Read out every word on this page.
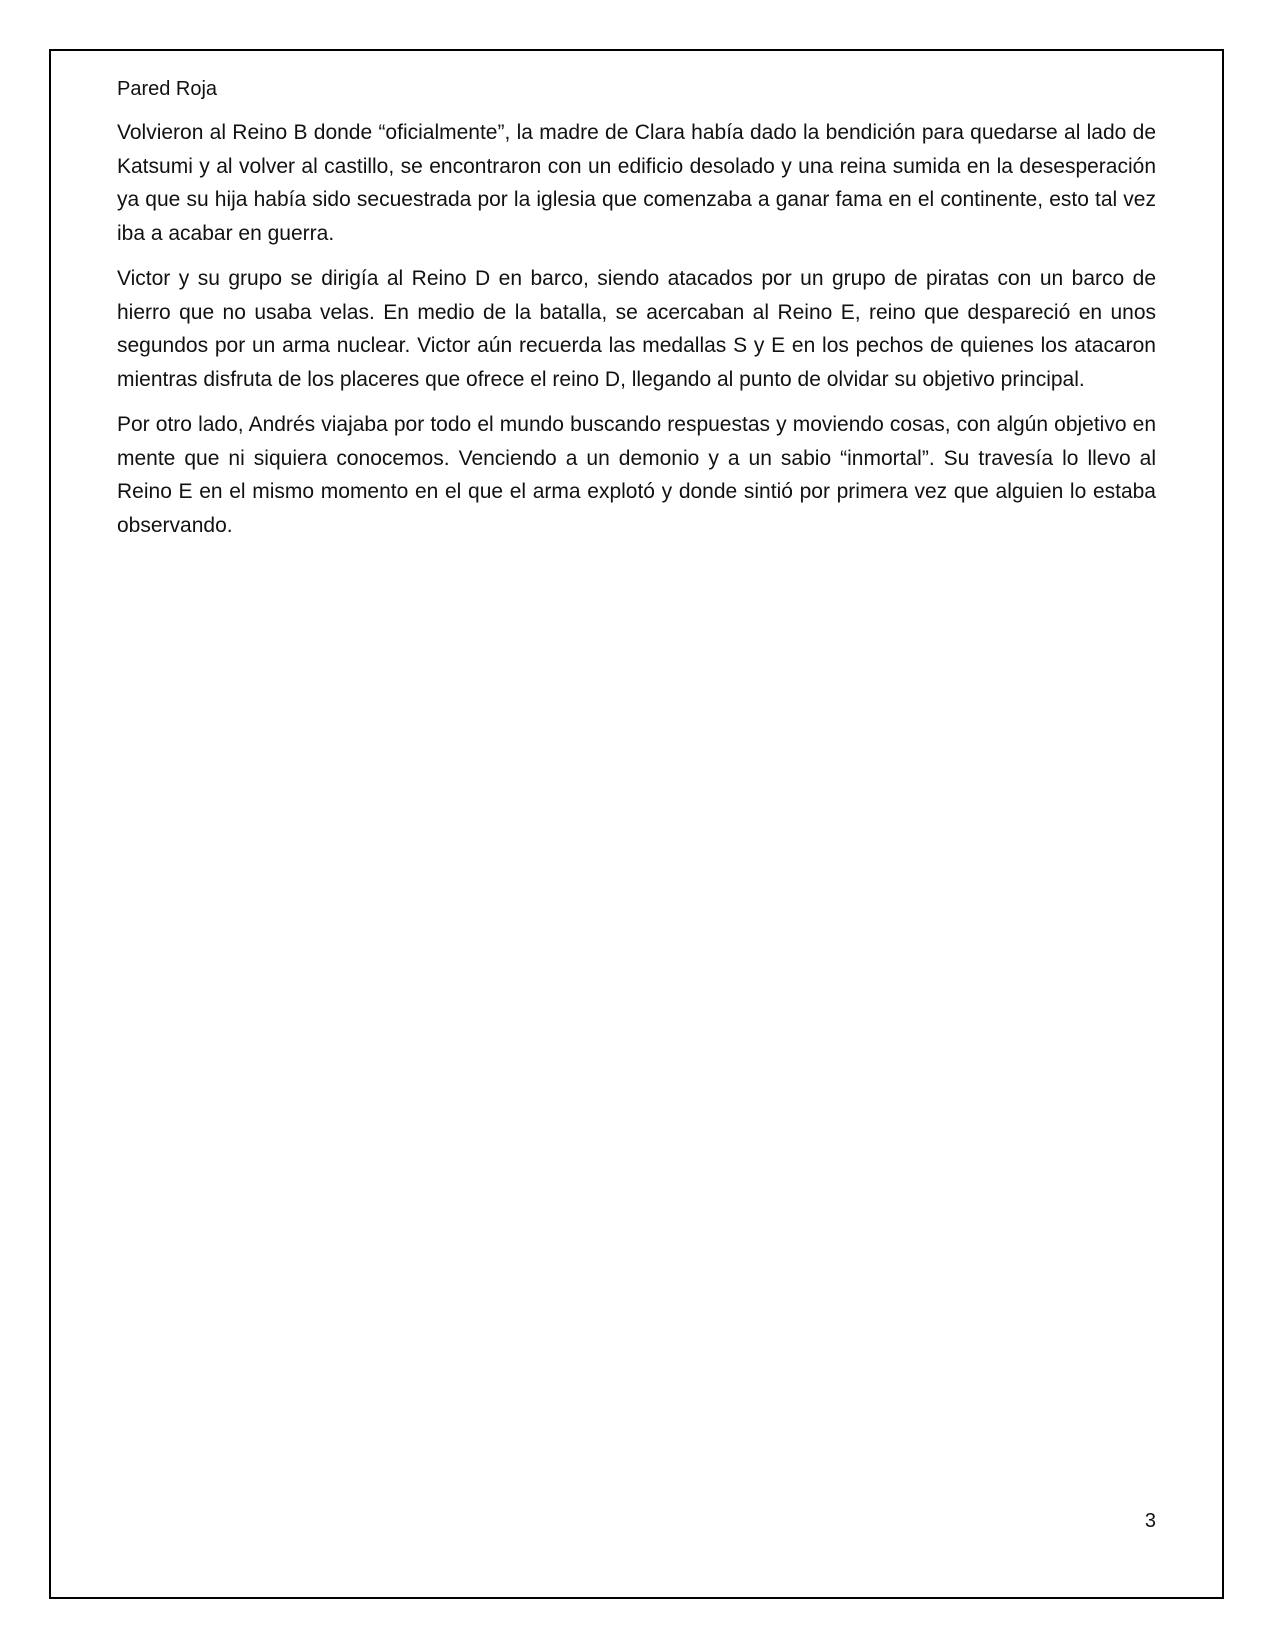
Pared Roja

Volvieron al Reino B donde “oficialmente”, la madre de Clara había dado la bendición para quedarse al lado de Katsumi y al volver al castillo, se encontraron con un edificio desolado y una reina sumida en la desesperación ya que su hija había sido secuestrada por la iglesia que comenzaba a ganar fama en el continente, esto tal vez iba a acabar en guerra.

Victor y su grupo se dirigía al Reino D en barco, siendo atacados por un grupo de piratas con un barco de hierro que no usaba velas. En medio de la batalla, se acercaban al Reino E, reino que despareció en unos segundos por un arma nuclear. Victor aún recuerda las medallas S y E en los pechos de quienes los atacaron mientras disfruta de los placeres que ofrece el reino D, llegando al punto de olvidar su objetivo principal.

Por otro lado, Andrés viajaba por todo el mundo buscando respuestas y moviendo cosas, con algún objetivo en mente que ni siquiera conocemos. Venciendo a un demonio y a un sabio “inmortal”. Su travesía lo llevo al Reino E en el mismo momento en el que el arma explotó y donde sintió por primera vez que alguien lo estaba observando.

3
